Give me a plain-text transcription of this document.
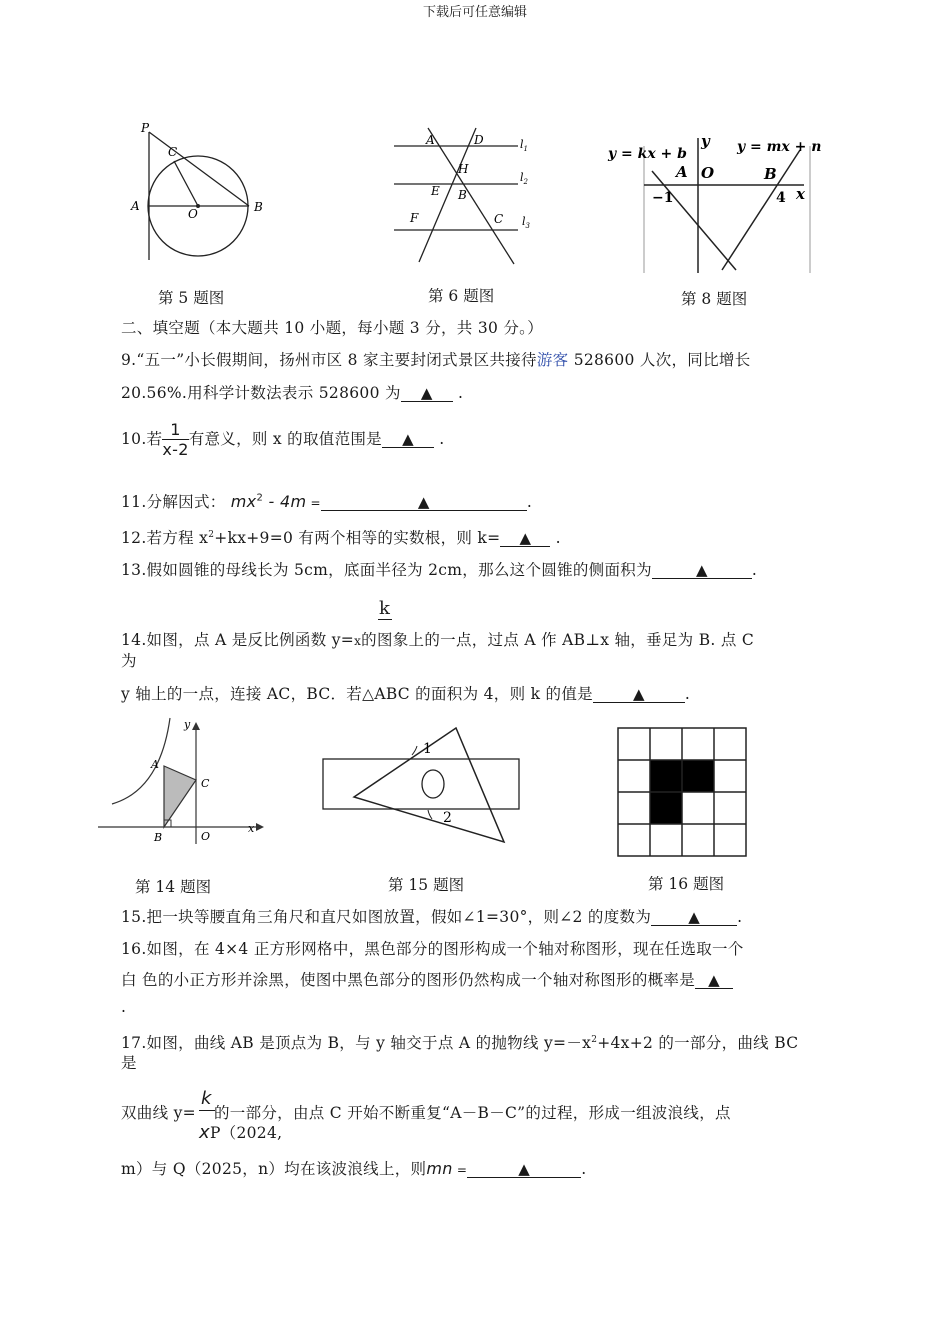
下载后可任意编辑
P
C
A
O	B
第 5 题图
A	D
H
E B
F	C
$l_1$
$l_2$
$l_3$
第 6 题图
y = kx + b
y y = mx + n
A O	B
−1	4 x
第 8 题图
二、填空题（本大题共 10 小题，每小题 3 分，共 30 分。）
9.“五一”小长假期间，扬州市区 8 家主要封闭式景区共接待游客 528600 人次，同比增长
20.56%.用科学计数法表示 528600 为 ▲ .
10.若 $\frac{1}{x-2}$ 有意义，则 x 的取值范围是 ▲ .
11.分解因式： $mx^2 - 4m$ =	▲	.
12.若方程 $x^2+kx+9=0$ 有两个相等的实数根，则 k= ▲ .
13.假如圆锥的母线长为 5cm，底面半径为 2cm，那么这个圆锥的侧面积为	▲	.
k
14.如图，点 A 是反比例函数 y=x的图象上的一点，过点 A 作 AB⊥x 轴，垂足为 B. 点 C
为
y 轴上的一点，连接 AC，BC．若△ABC 的面积为 4，则 k 的值是	▲	.
y
A
C
B	O
x
第 14 题图
1
2
第 15 题图	第 16 题图
15.把一块等腰直角三角尺和直尺如图放置，假如∠1=30°，则∠2 的度数为 ▲ .
16.如图，在 4×4 正方形网格中，黑色部分的图形构成一个轴对称图形，现在任选取一个
白 色的小正方形并涂黑，使图中黑色部分的图形仍然构成一个轴对称图形的概率是 ▲
.
17.如图，曲线 AB 是顶点为 B，与 y 轴交于点 A 的抛物线 $y=-x^2+4x+2$ 的一部分，曲线 BC
是
k
双曲线 y= 的一部分，由点 C 开始不断重复“A－B－C”的过程，形成一组波浪线，点
xP（2024,
m）与 Q（2025，n）均在该波浪线上，则mn =	▲	.
